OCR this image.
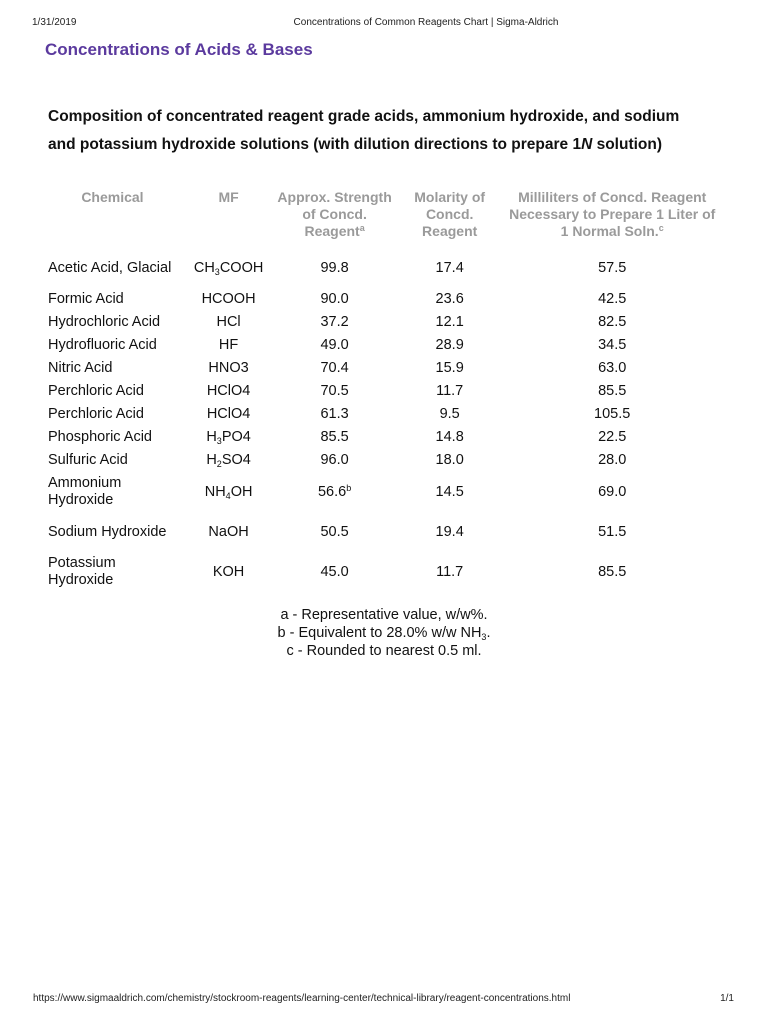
1/31/2019	Concentrations of Common Reagents Chart | Sigma-Aldrich
Concentrations of Acids & Bases

Composition of concentrated reagent grade acids, ammonium hydroxide, and sodium and potassium hydroxide solutions (with dilution directions to prepare 1N solution)

Chemical	MF	Approx. Strength of Concd. Reagent$^a$	Molarity of Concd. Reagent	Milliliters of Concd. Reagent Necessary to Prepare 1 Liter of 1 Normal Soln.$^c$
Acetic Acid, Glacial	$CH_3COOH$	99.8	17.4	57.5
Formic Acid	HCOOH	90.0	23.6	42.5
Hydrochloric Acid	HCl	37.2	12.1	82.5
Hydrofluoric Acid	HF	49.0	28.9	34.5
Nitric Acid	HNO3	70.4	15.9	63.0
Perchloric Acid	HClO4	70.5	11.7	85.5
Perchloric Acid	HClO4	61.3	9.5	105.5
Phosphoric Acid	$H_3PO4$	85.5	14.8	22.5
Sulfuric Acid	$H_2SO4$	96.0	18.0	28.0
Ammonium Hydroxide	$NH_4OH$	56.6$^b$	14.5	69.0
Sodium Hydroxide	NaOH	50.5	19.4	51.5
Potassium Hydroxide	KOH	45.0	11.7	85.5
a - Representative value, w/w%.
b - Equivalent to 28.0% w/w $NH_3$.
c - Rounded to nearest 0.5 ml.
https://www.sigmaaldrich.com/chemistry/stockroom-reagents/learning-center/technical-library/reagent-concentrations.html	1/1
